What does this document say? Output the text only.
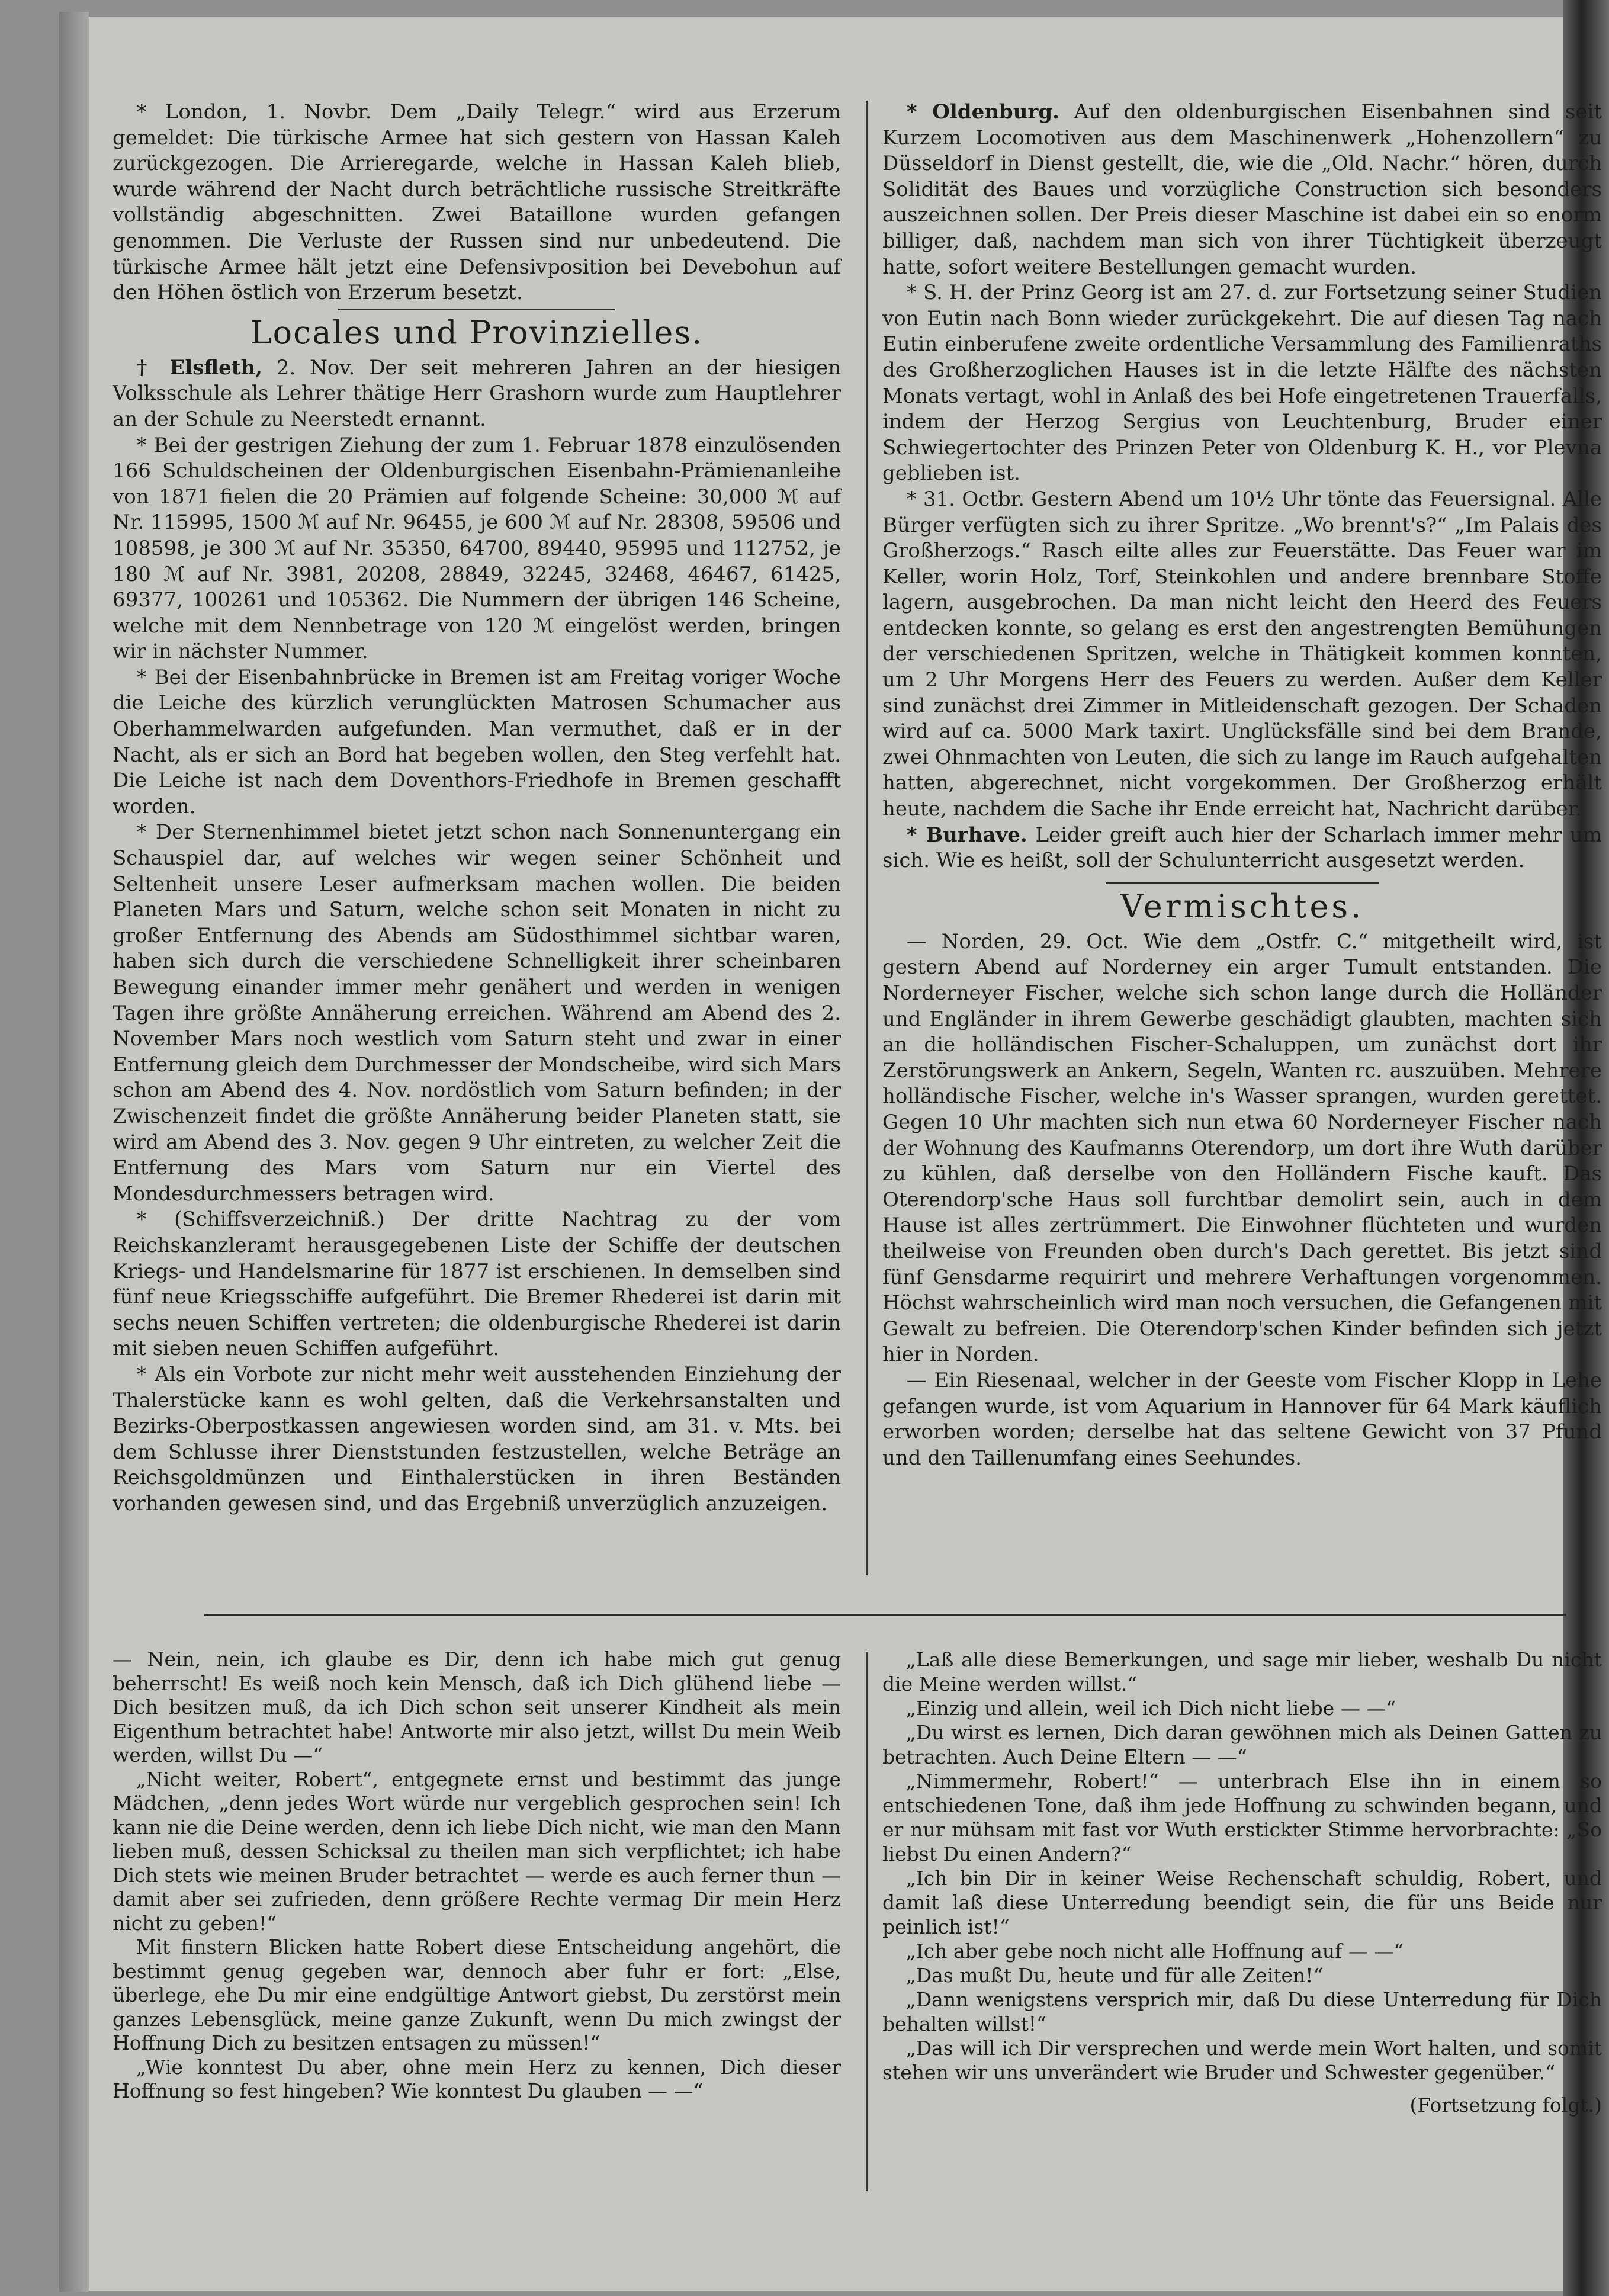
* London, 1. Novbr. Dem „Daily Telegr.“ wird aus Erzerum gemeldet: Die türkische Armee hat sich gestern von Hassan Kaleh zurückgezogen. Die Arrieregarde, welche in Hassan Kaleh blieb, wurde während der Nacht durch beträchtliche russische Streitkräfte vollständig abgeschnitten. Zwei Bataillone wurden gefangen genommen. Die Verluste der Russen sind nur unbedeutend. Die türkische Armee hält jetzt eine Defensivposition bei Devebohun auf den Höhen östlich von Erzerum besetzt.

Locales und Provinzielles.

† Elsfleth, 2. Nov. Der seit mehreren Jahren an der hiesigen Volksschule als Lehrer thätige Herr Grashorn wurde zum Hauptlehrer an der Schule zu Neerstedt ernannt.

* Bei der gestrigen Ziehung der zum 1. Februar 1878 einzulösenden 166 Schuldscheinen der Oldenburgischen Eisenbahn-Prämienanleihe von 1871 fielen die 20 Prämien auf folgende Scheine: 30,000 ℳ auf Nr. 115995, 1500 ℳ auf Nr. 96455, je 600 ℳ auf Nr. 28308, 59506 und 108598, je 300 ℳ auf Nr. 35350, 64700, 89440, 95995 und 112752, je 180 ℳ auf Nr. 3981, 20208, 28849, 32245, 32468, 46467, 61425, 69377, 100261 und 105362. Die Nummern der übrigen 146 Scheine, welche mit dem Nennbetrage von 120 ℳ eingelöst werden, bringen wir in nächster Nummer.

* Bei der Eisenbahnbrücke in Bremen ist am Freitag voriger Woche die Leiche des kürzlich verunglückten Matrosen Schumacher aus Oberhammelwarden aufgefunden. Man vermuthet, daß er in der Nacht, als er sich an Bord hat begeben wollen, den Steg verfehlt hat. Die Leiche ist nach dem Doventhors-Friedhofe in Bremen geschafft worden.

* Der Sternenhimmel bietet jetzt schon nach Sonnenuntergang ein Schauspiel dar, auf welches wir wegen seiner Schönheit und Seltenheit unsere Leser aufmerksam machen wollen. Die beiden Planeten Mars und Saturn, welche schon seit Monaten in nicht zu großer Entfernung des Abends am Südosthimmel sichtbar waren, haben sich durch die verschiedene Schnelligkeit ihrer scheinbaren Bewegung einander immer mehr genähert und werden in wenigen Tagen ihre größte Annäherung erreichen. Während am Abend des 2. November Mars noch westlich vom Saturn steht und zwar in einer Entfernung gleich dem Durchmesser der Mondscheibe, wird sich Mars schon am Abend des 4. Nov. nordöstlich vom Saturn befinden; in der Zwischenzeit findet die größte Annäherung beider Planeten statt, sie wird am Abend des 3. Nov. gegen 9 Uhr eintreten, zu welcher Zeit die Entfernung des Mars vom Saturn nur ein Viertel des Mondesdurchmessers betragen wird.

* (Schiffsverzeichniß.) Der dritte Nachtrag zu der vom Reichskanzleramt herausgegebenen Liste der Schiffe der deutschen Kriegs- und Handelsmarine für 1877 ist erschienen. In demselben sind fünf neue Kriegsschiffe aufgeführt. Die Bremer Rhederei ist darin mit sechs neuen Schiffen vertreten; die oldenburgische Rhederei ist darin mit sieben neuen Schiffen aufgeführt.

* Als ein Vorbote zur nicht mehr weit ausstehenden Einziehung der Thalerstücke kann es wohl gelten, daß die Verkehrsanstalten und Bezirks-Oberpostkassen angewiesen worden sind, am 31. v. Mts. bei dem Schlusse ihrer Dienststunden festzustellen, welche Beträge an Reichsgoldmünzen und Einthalerstücken in ihren Beständen vorhanden gewesen sind, und das Ergebniß unverzüglich anzuzeigen.

* Oldenburg. Auf den oldenburgischen Eisenbahnen sind seit Kurzem Locomotiven aus dem Maschinenwerk „Hohenzollern“ zu Düsseldorf in Dienst gestellt, die, wie die „Old. Nachr.“ hören, durch Solidität des Baues und vorzügliche Construction sich besonders auszeichnen sollen. Der Preis dieser Maschine ist dabei ein so enorm billiger, daß, nachdem man sich von ihrer Tüchtigkeit überzeugt hatte, sofort weitere Bestellungen gemacht wurden.

* S. H. der Prinz Georg ist am 27. d. zur Fortsetzung seiner Studien von Eutin nach Bonn wieder zurückgekehrt. Die auf diesen Tag nach Eutin einberufene zweite ordentliche Versammlung des Familienraths des Großherzoglichen Hauses ist in die letzte Hälfte des nächsten Monats vertagt, wohl in Anlaß des bei Hofe eingetretenen Trauerfalls, indem der Herzog Sergius von Leuchtenburg, Bruder einer Schwiegertochter des Prinzen Peter von Oldenburg K. H., vor Plevna geblieben ist.

* 31. Octbr. Gestern Abend um 10½ Uhr tönte das Feuersignal. Alle Bürger verfügten sich zu ihrer Spritze. „Wo brennt's?“ „Im Palais des Großherzogs.“ Rasch eilte alles zur Feuerstätte. Das Feuer war im Keller, worin Holz, Torf, Steinkohlen und andere brennbare Stoffe lagern, ausgebrochen. Da man nicht leicht den Heerd des Feuers entdecken konnte, so gelang es erst den angestrengten Bemühungen der verschiedenen Spritzen, welche in Thätigkeit kommen konnten, um 2 Uhr Morgens Herr des Feuers zu werden. Außer dem Keller sind zunächst drei Zimmer in Mitleidenschaft gezogen. Der Schaden wird auf ca. 5000 Mark taxirt. Unglücksfälle sind bei dem Brande, zwei Ohnmachten von Leuten, die sich zu lange im Rauch aufgehalten hatten, abgerechnet, nicht vorgekommen. Der Großherzog erhält heute, nachdem die Sache ihr Ende erreicht hat, Nachricht darüber.

* Burhave. Leider greift auch hier der Scharlach immer mehr um sich. Wie es heißt, soll der Schulunterricht ausgesetzt werden.

Vermischtes.

— Norden, 29. Oct. Wie dem „Ostfr. C.“ mitgetheilt wird, ist gestern Abend auf Norderney ein arger Tumult entstanden. Die Norderneyer Fischer, welche sich schon lange durch die Holländer und Engländer in ihrem Gewerbe geschädigt glaubten, machten sich an die holländischen Fischer-Schaluppen, um zunächst dort ihr Zerstörungswerk an Ankern, Segeln, Wanten rc. auszuüben. Mehrere holländische Fischer, welche in's Wasser sprangen, wurden gerettet. Gegen 10 Uhr machten sich nun etwa 60 Norderneyer Fischer nach der Wohnung des Kaufmanns Oterendorp, um dort ihre Wuth darüber zu kühlen, daß derselbe von den Holländern Fische kauft. Das Oterendorp'sche Haus soll furchtbar demolirt sein, auch in dem Hause ist alles zertrümmert. Die Einwohner flüchteten und wurden theilweise von Freunden oben durch's Dach gerettet. Bis jetzt sind fünf Gensdarme requirirt und mehrere Verhaftungen vorgenommen. Höchst wahrscheinlich wird man noch versuchen, die Gefangenen mit Gewalt zu befreien. Die Oterendorp'schen Kinder befinden sich jetzt hier in Norden.

— Ein Riesenaal, welcher in der Geeste vom Fischer Klopp in Lehe gefangen wurde, ist vom Aquarium in Hannover für 64 Mark käuflich erworben worden; derselbe hat das seltene Gewicht von 37 Pfund und den Taillenumfang eines Seehundes.

— Nein, nein, ich glaube es Dir, denn ich habe mich gut genug beherrscht! Es weiß noch kein Mensch, daß ich Dich glühend liebe — Dich besitzen muß, da ich Dich schon seit unserer Kindheit als mein Eigenthum betrachtet habe! Antworte mir also jetzt, willst Du mein Weib werden, willst Du —“

„Nicht weiter, Robert“, entgegnete ernst und bestimmt das junge Mädchen, „denn jedes Wort würde nur vergeblich gesprochen sein! Ich kann nie die Deine werden, denn ich liebe Dich nicht, wie man den Mann lieben muß, dessen Schicksal zu theilen man sich verpflichtet; ich habe Dich stets wie meinen Bruder betrachtet — werde es auch ferner thun — damit aber sei zufrieden, denn größere Rechte vermag Dir mein Herz nicht zu geben!“

Mit finstern Blicken hatte Robert diese Entscheidung angehört, die bestimmt genug gegeben war, dennoch aber fuhr er fort: „Else, überlege, ehe Du mir eine endgültige Antwort giebst, Du zerstörst mein ganzes Lebensglück, meine ganze Zukunft, wenn Du mich zwingst der Hoffnung Dich zu besitzen entsagen zu müssen!“

„Wie konntest Du aber, ohne mein Herz zu kennen, Dich dieser Hoffnung so fest hingeben? Wie konntest Du glauben — —“

„Laß alle diese Bemerkungen, und sage mir lieber, weshalb Du nicht die Meine werden willst.“

„Einzig und allein, weil ich Dich nicht liebe — —“

„Du wirst es lernen, Dich daran gewöhnen mich als Deinen Gatten zu betrachten. Auch Deine Eltern — —“

„Nimmermehr, Robert!“ — unterbrach Else ihn in einem so entschiedenen Tone, daß ihm jede Hoffnung zu schwinden begann, und er nur mühsam mit fast vor Wuth erstickter Stimme hervorbrachte: „So liebst Du einen Andern?“

„Ich bin Dir in keiner Weise Rechenschaft schuldig, Robert, und damit laß diese Unterredung beendigt sein, die für uns Beide nur peinlich ist!“

„Ich aber gebe noch nicht alle Hoffnung auf — —“

„Das mußt Du, heute und für alle Zeiten!“

„Dann wenigstens versprich mir, daß Du diese Unterredung für Dich behalten willst!“

„Das will ich Dir versprechen und werde mein Wort halten, und somit stehen wir uns unverändert wie Bruder und Schwester gegenüber.“

(Fortsetzung folgt.)
